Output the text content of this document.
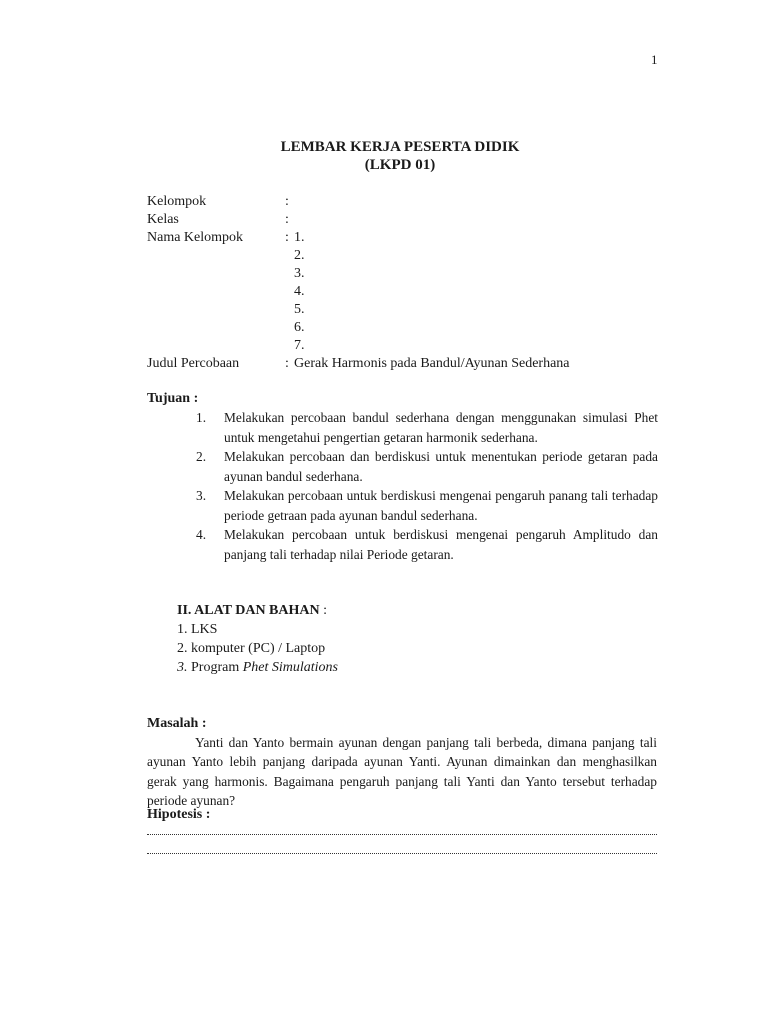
1
LEMBAR KERJA PESERTA DIDIK
(LKPD 01)
Kelompok	:
Kelas	:
Nama Kelompok	: 1.
2.
3.
4.
5.
6.
7.
Judul Percobaan	: Gerak Harmonis pada Bandul/Ayunan Sederhana
Tujuan :
1.	Melakukan percobaan bandul sederhana dengan menggunakan simulasi Phet untuk mengetahui pengertian getaran harmonik sederhana.
2.	Melakukan percobaan dan berdiskusi untuk menentukan periode getaran pada ayunan bandul sederhana.
3.	Melakukan percobaan untuk berdiskusi mengenai pengaruh panang tali terhadap periode getraan pada ayunan bandul sederhana.
4.	Melakukan percobaan untuk berdiskusi mengenai pengaruh Amplitudo dan panjang tali terhadap nilai Periode getaran.
II. ALAT DAN BAHAN :
1. LKS
2. komputer (PC) / Laptop
3. Program Phet Simulations
Masalah :
Yanti dan Yanto bermain ayunan dengan panjang tali berbeda, dimana panjang tali ayunan Yanto lebih panjang daripada ayunan Yanti. Ayunan dimainkan dan menghasilkan gerak yang harmonis. Bagaimana pengaruh panjang tali Yanti dan Yanto tersebut terhadap periode ayunan?
Hipotesis :
